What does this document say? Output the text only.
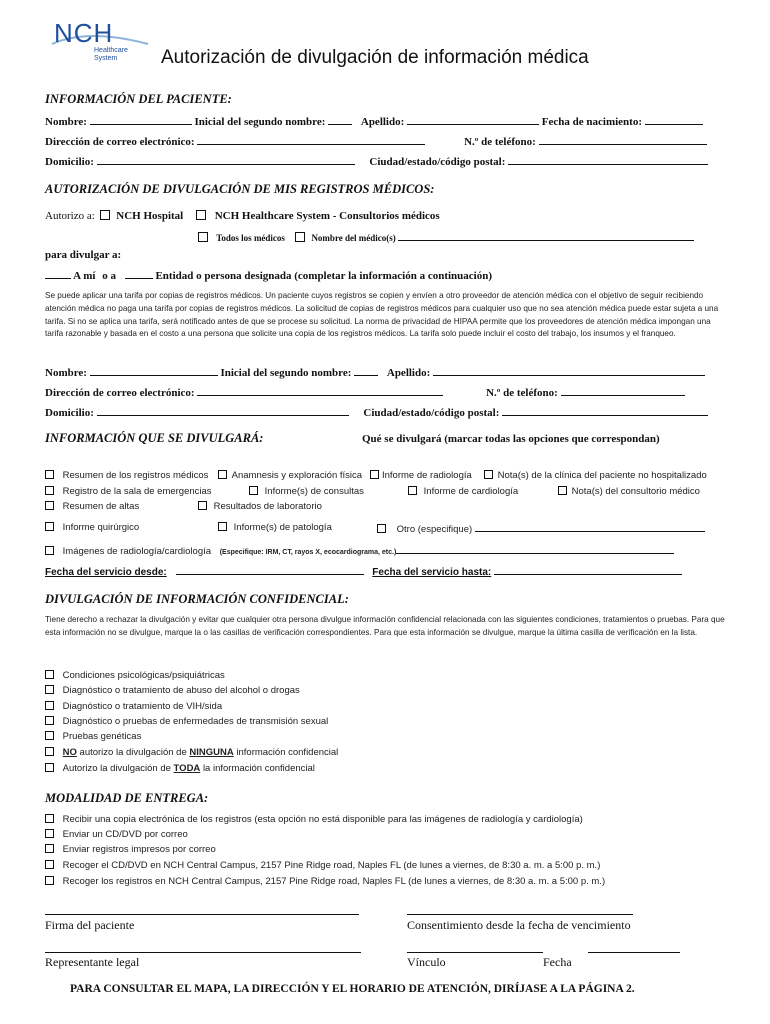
NCH
Healthcare
System Autorización de divulgación de información médica
INFORMACIÓN DEL PACIENTE:
Nombre:	Inicial del segundo nombre:	Apellido:	Fecha de nacimiento:
Dirección de correo electrónico:	N.º de teléfono:
Domicilio:	Ciudad/estado/código postal:
AUTORIZACIÓN DE DIVULGACIÓN DE MIS REGISTROS MÉDICOS:
Autorizo a: NCH Hospital	NCH Healthcare System - Consultorios médicos
Todos los médicos	Nombre del médico(s)
para divulgar a:
A mí o a	Entidad o persona designada (completar la información a continuación)
Se puede aplicar una tarifa por copias de registros médicos. Un paciente cuyos registros se copien y envíen a otro proveedor de atención médica con el objetivo de seguir recibiendo atención médica no paga una tarifa por copias de registros médicos. La solicitud de copias de registros médicos para cualquier uso que no sea atención médica puede estar sujeta a una tarifa. Si no se aplica una tarifa, será notificado antes de que se procese su solicitud. La norma de privacidad de HIPAA permite que los proveedores de atención médica impongan una tarifa razonable y basada en el costo a una persona que solicite una copia de los registros médicos. La tarifa solo puede incluir el costo del trabajo, los insumos y el franqueo.
Nombre:	Inicial del segundo nombre:	Apellido:
Dirección de correo electrónico:	N.º de teléfono:
Domicilio:	Ciudad/estado/código postal:
INFORMACIÓN QUE SE DIVULGARÁ:	Qué se divulgará (marcar todas las opciones que correspondan)
Resumen de los registros médicos	Anamnesis y exploración física	Informe de radiología	Nota(s) de la clínica del paciente no hospitalizado
Registro de la sala de emergencias	Informe(s) de consultas	Informe de cardiología	Nota(s) del consultorio médico
Resumen de altas	Resultados de laboratorio
Informe quirúrgico	Informe(s) de patología	Otro (especifique)
Imágenes de radiología/cardiología (Especifique: IRM, CT, rayos X, ecocardiograma, etc.)
Fecha del servicio desde:	Fecha del servicio hasta:
DIVULGACIÓN DE INFORMACIÓN CONFIDENCIAL:
Tiene derecho a rechazar la divulgación y evitar que cualquier otra persona divulgue información confidencial relacionada con las siguientes condiciones, tratamientos o pruebas. Para que esta información no se divulgue, marque la o las casillas de verificación correspondientes. Para que esta información se divulgue, marque la última casilla de verificación en la lista.
Condiciones psicológicas/psiquiátricas
Diagnóstico o tratamiento de abuso del alcohol o drogas
Diagnóstico o tratamiento de VIH/sida
Diagnóstico o pruebas de enfermedades de transmisión sexual
Pruebas genéticas
NO autorizo la divulgación de NINGUNA información confidencial
Autorizo la divulgación de TODA la información confidencial
MODALIDAD DE ENTREGA:
Recibir una copia electrónica de los registros (esta opción no está disponible para las imágenes de radiología y cardiología)
Enviar un CD/DVD por correo
Enviar registros impresos por correo
Recoger el CD/DVD en NCH Central Campus, 2157 Pine Ridge road, Naples FL (de lunes a viernes, de 8:30 a. m. a 5:00 p. m.)
Recoger los registros en NCH Central Campus, 2157 Pine Ridge road, Naples FL (de lunes a viernes, de 8:30 a. m. a 5:00 p. m.)
Firma del paciente	Consentimiento desde la fecha de vencimiento
Representante legal	Vínculo	Fecha
PARA CONSULTAR EL MAPA, LA DIRECCIÓN Y EL HORARIO DE ATENCIÓN, DIRÍJASE A LA PÁGINA 2.
